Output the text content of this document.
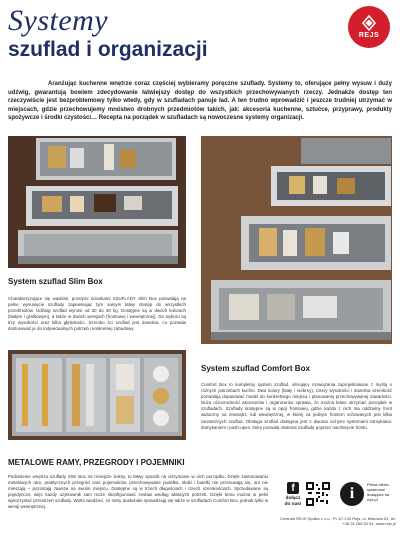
Systemy
szuflad i organizacji
REJS

Aranżując kuchenne wnętrze coraz częściej wybieramy poręczne szuflady. Systemy to, oferujące pełny wysuw i duży udźwig, gwarantują bowiem zdecydowanie łatwiejszy dostęp do wszystkich przechowywanych rzeczy. Jednakże dostęp ten rzeczywiście jest bezproblemowy tylko wtedy, gdy w szufladach panuje ład. A ten trudno wprowadzić i jeszcze trudniej utrzymać w miejscach, gdzie przechowujemy mnóstwo drobnych przedmiotów takich, jak: akcesoria kuchenne, sztućce, przyprawy, produkty spożywcze i środki czystości… Recepta na porządek w szufladach są nowoczesne systemy organizacji.

System szuflad Slim Box

Charakteryzujące się wąskimi, prostymi ściankami SZUFLADY Slim Box pozwalają na pełne wysunięcie szuflady zapewniając tym samym łatwy dostęp do wszystkich przedmiotów. Udźwig szuflad wynosi od 30 do 40 kg. Dostępne są w dwóch kolorach (białym i grafitowym), a także w dwóch wersjach (frontowej i wewnętrznej). Do wyboru są trzy wysokości oraz kilka głębokości. Szeroko ści szuflad jest dowolna, co pozwala dostosować je do indywidualnych potrzeb i konkretnej zabudowy.

System szuflad Comfort Box

Comfort Box to kompletny system szuflad, oferujący rozwiązania zaprojektowane z myślą o różnych potrzebach kuchni. Dwa kolory (biały i srebrny), cztery wysokości i dowolna szerokość pozwalają dopasować model do konkretnego miejsca i planowanej przechowywanej zawartości. Duża różnorodność akcesoriów i organizerów sprawia, że można łatwo utrzymać porządek w szufladach. Szuflady dostępne są w opcji frontowej, gdzie każda z nich ma oddzielny front widoczny na zewnątrz, lub wewnętrznej, w której za jednym frontem schowanych jest kilka niezależnych szuflad. Obsługa szuflad dostępna jest z dwoma cichymi systemami zamykania: domykaniem i push-open, który pozwala otwierać szufladę poprzez naciśnięcie frontu.

METALOWE RAMY, PRZEGRODY I POJEMNIKI

Podzielenie wnętrza szuflady Slim Box na mniejsze boksy, to łatwy sposób na utrzymanie w nich porządku. Dzięki zastosowaniu metalowych ram, praktycznych przegród oraz pojemników, przechowywane pudełka, słoiki i butelki nie przesuwają się, ani nie mieszają – pozostają zawsze na swoim miejscu. Dostępne są w trzech długościach i trzech szerokościach. Sprzedawane są pojedynczo, więc każdy użytkownik sam może skonfigurować zestaw według własnych potrzeb. Dzięki temu można w pełni wykorzystać przestrzeń szuflady. Warto wiedzieć, że ramy doskonale sprawdzają się także w szufladach Comfort Box, jednak tylko w wersji wewnętrznej.

f
dołącz do nas!
i
Pełna oferta systemów dostępna na rejs.pl
Centrala REJS Spółka z o.o., PL 67-140 Rejs, ul. Miarowa 61, tel. +48 24 268 50 61, www.rejs.pl
